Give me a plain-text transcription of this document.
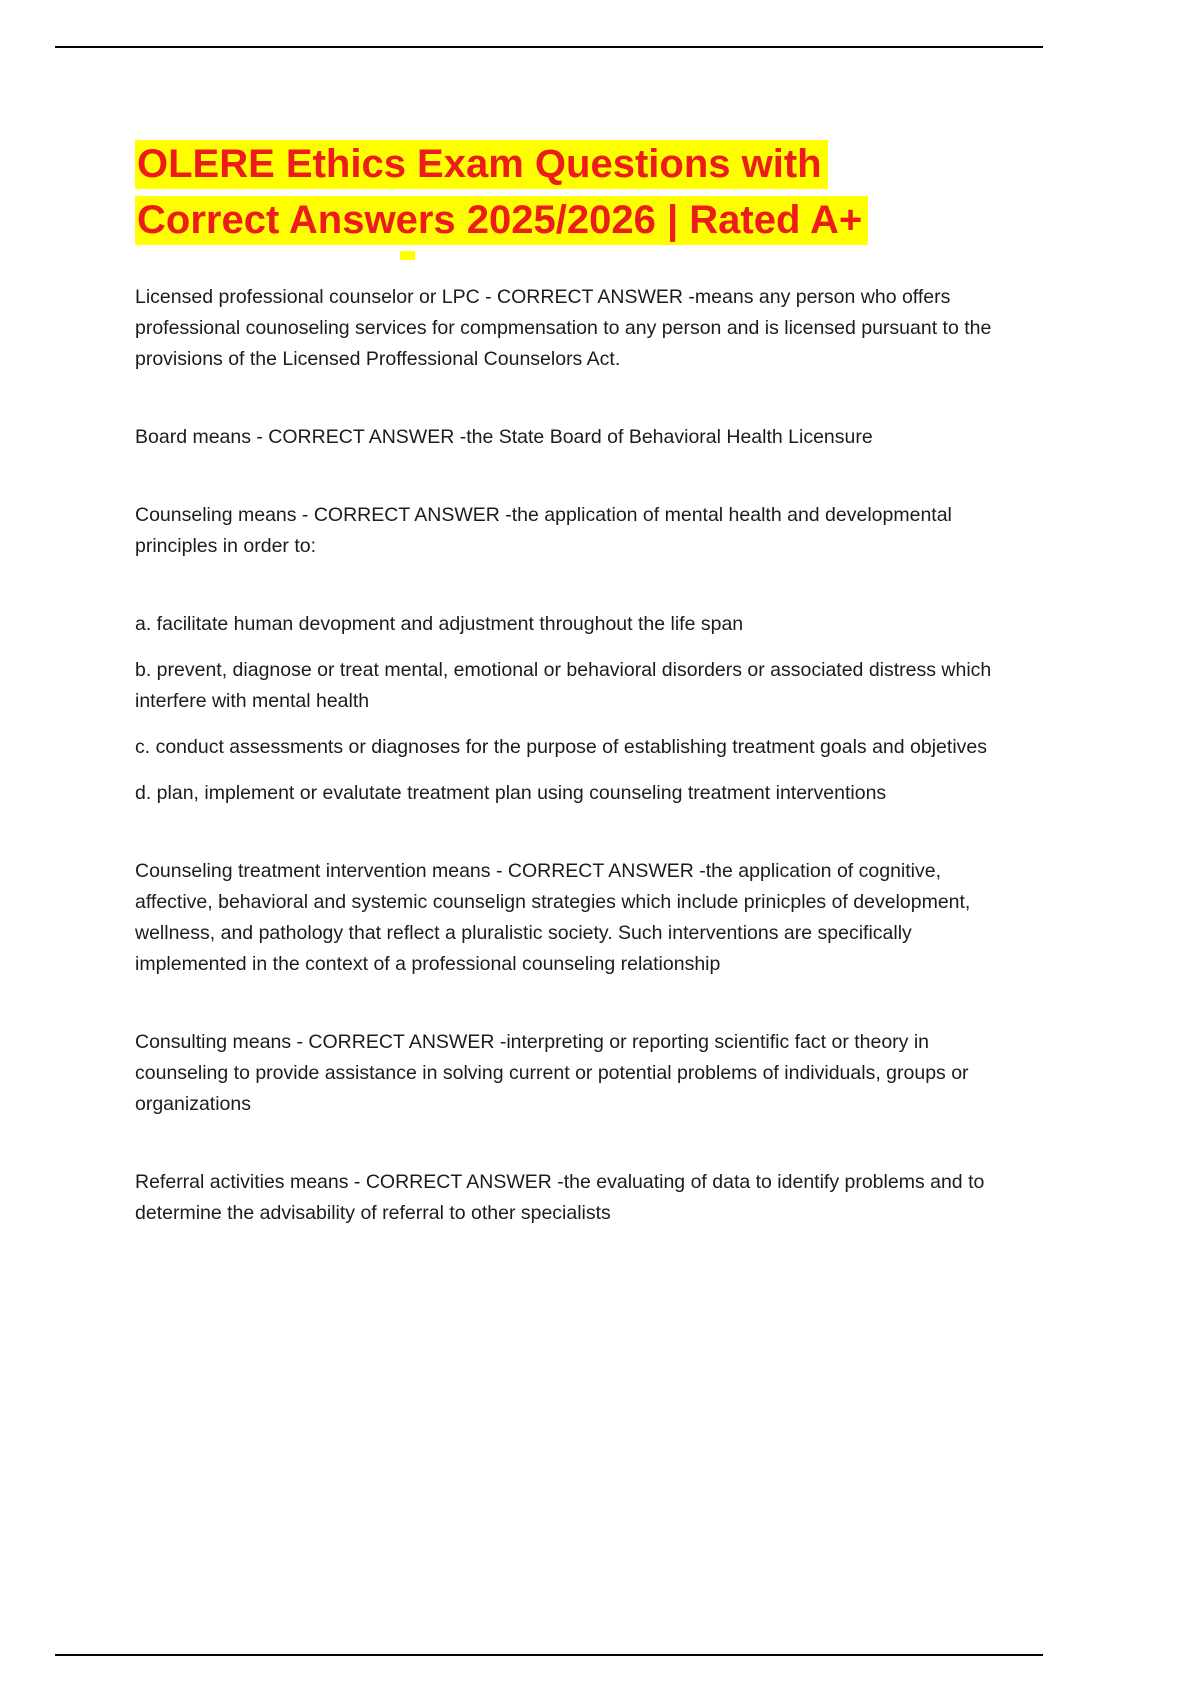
OLERE Ethics Exam Questions with
Correct Answers 2025/2026 | Rated A+

Licensed professional counselor or LPC - CORRECT ANSWER -means any person who offers professional counoseling services for compmensation to any person and is licensed pursuant to the provisions of the Licensed Proffessional Counselors Act.

Board means - CORRECT ANSWER -the State Board of Behavioral Health Licensure

Counseling means - CORRECT ANSWER -the application of mental health and developmental principles in order to:

a. facilitate human devopment and adjustment throughout the life span

b. prevent, diagnose or treat mental, emotional or behavioral disorders or associated distress which interfere with mental health

c. conduct assessments or diagnoses for the purpose of establishing treatment goals and objetives

d. plan, implement or evalutate treatment plan using counseling treatment interventions

Counseling treatment intervention means - CORRECT ANSWER -the application of cognitive, affective, behavioral and systemic counselign strategies which include prinicples of development, wellness, and pathology that reflect a pluralistic society. Such interventions are specifically implemented in the context of a professional counseling relationship

Consulting means - CORRECT ANSWER -interpreting or reporting scientific fact or theory in counseling to provide assistance in solving current or potential problems of individuals, groups or organizations

Referral activities means - CORRECT ANSWER -the evaluating of data to identify problems and to determine the advisability of referral to other specialists
